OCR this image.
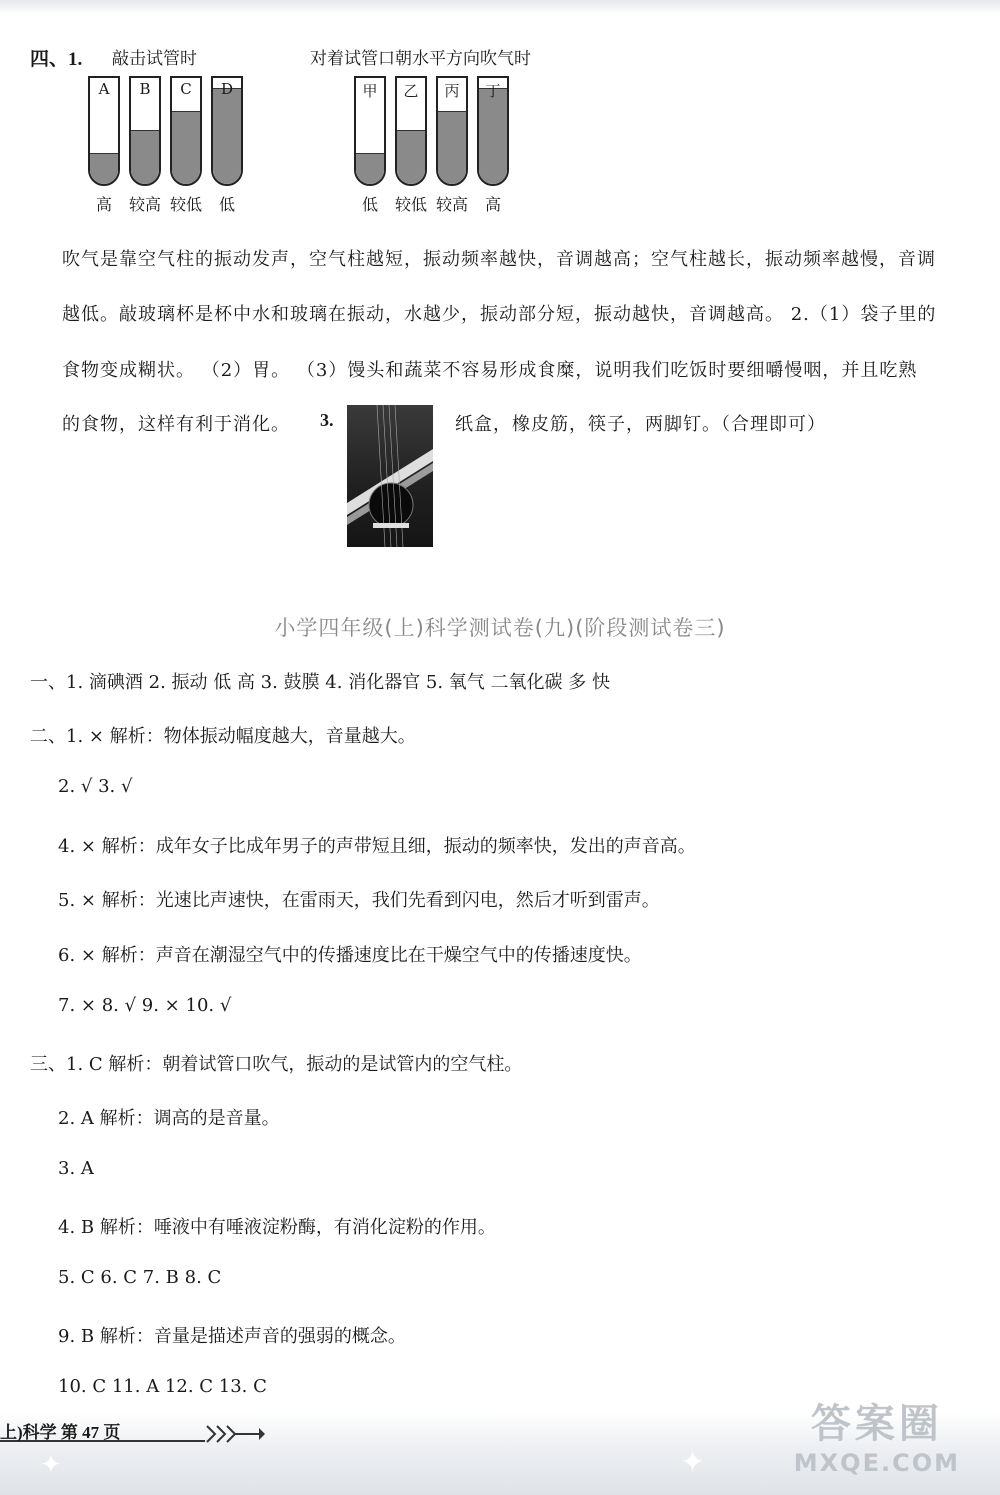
四、1. 敲击试管时	对着试管口朝水平方向吹气时
A
高
B
较高
C
较低
D
低
甲
低
乙
较低
丙
较高
丁
高
吹气是靠空气柱的振动发声，空气柱越短，振动频率越快，音调越高；空气柱越长，振动频率越慢，音调
越低。敲玻璃杯是杯中水和玻璃在振动，水越少，振动部分短，振动越快，音调越高。 2.（1）袋子里的
食物变成糊状。 （2）胃。 （3）馒头和蔬菜不容易形成食糜，说明我们吃饭时要细嚼慢咽，并且吃熟
的食物，这样有利于消化。 3.	纸盒，橡皮筋，筷子，两脚钉。（合理即可）
小学四年级(上)科学测试卷(九)(阶段测试卷三)
一、1. 滴碘酒 2. 振动 低 高 3. 鼓膜 4. 消化器官 5. 氧气 二氧化碳 多 快
二、1. × 解析：物体振动幅度越大，音量越大。
2. √ 3. √
4. × 解析：成年女子比成年男子的声带短且细，振动的频率快，发出的声音高。
5. × 解析：光速比声速快，在雷雨天，我们先看到闪电，然后才听到雷声。
6. × 解析：声音在潮湿空气中的传播速度比在干燥空气中的传播速度快。
7. × 8. √ 9. × 10. √
三、1. C 解析：朝着试管口吹气，振动的是试管内的空气柱。
2. A 解析：调高的是音量。
3. A
4. B 解析：唾液中有唾液淀粉酶，有消化淀粉的作用。
5. C 6. C 7. B 8. C
9. B 解析：音量是描述声音的强弱的概念。
10. C 11. A 12. C 13. C
上)科学 第 47 页
✦	✦
答案圈
MXQE.COM
